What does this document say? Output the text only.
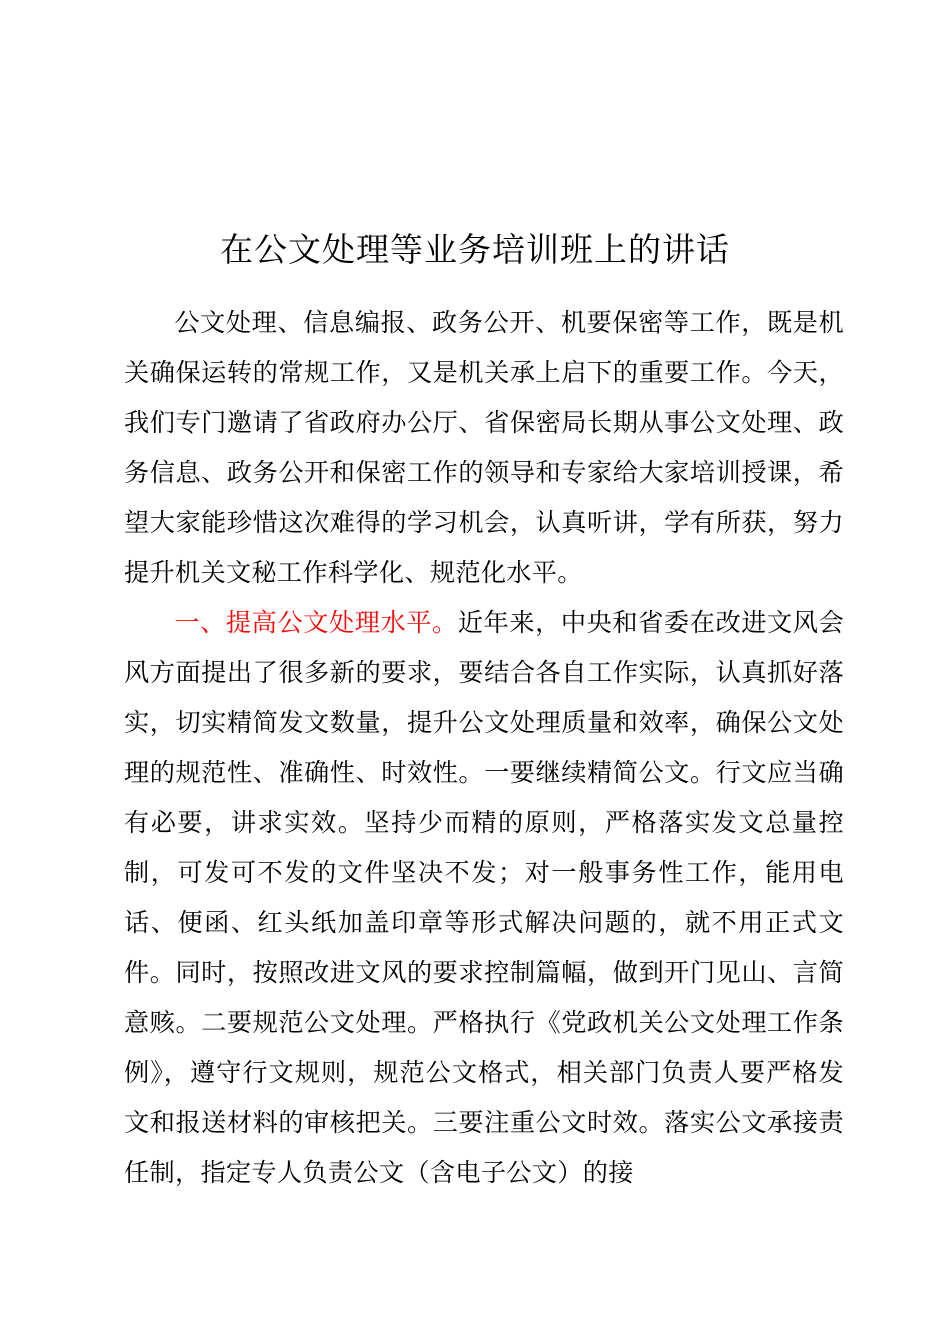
在公文处理等业务培训班上的讲话

公文处理、信息编报、政务公开、机要保密等工作，既是机关确保运转的常规工作，又是机关承上启下的重要工作。今天，我们专门邀请了省政府办公厅、省保密局长期从事公文处理、政务信息、政务公开和保密工作的领导和专家给大家培训授课，希望大家能珍惜这次难得的学习机会，认真听讲，学有所获，努力提升机关文秘工作科学化、规范化水平。

一、提高公文处理水平。近年来，中央和省委在改进文风会风方面提出了很多新的要求，要结合各自工作实际，认真抓好落实，切实精简发文数量，提升公文处理质量和效率，确保公文处理的规范性、准确性、时效性。一要继续精简公文。行文应当确有必要，讲求实效。坚持少而精的原则，严格落实发文总量控制，可发可不发的文件坚决不发；对一般事务性工作，能用电话、便函、红头纸加盖印章等形式解决问题的，就不用正式文件。同时，按照改进文风的要求控制篇幅，做到开门见山、言简意赅。二要规范公文处理。严格执行《党政机关公文处理工作条例》，遵守行文规则，规范公文格式，相关部门负责人要严格发文和报送材料的审核把关。三要注重公文时效。落实公文承接责任制，指定专人负责公文（含电子公文）的接
